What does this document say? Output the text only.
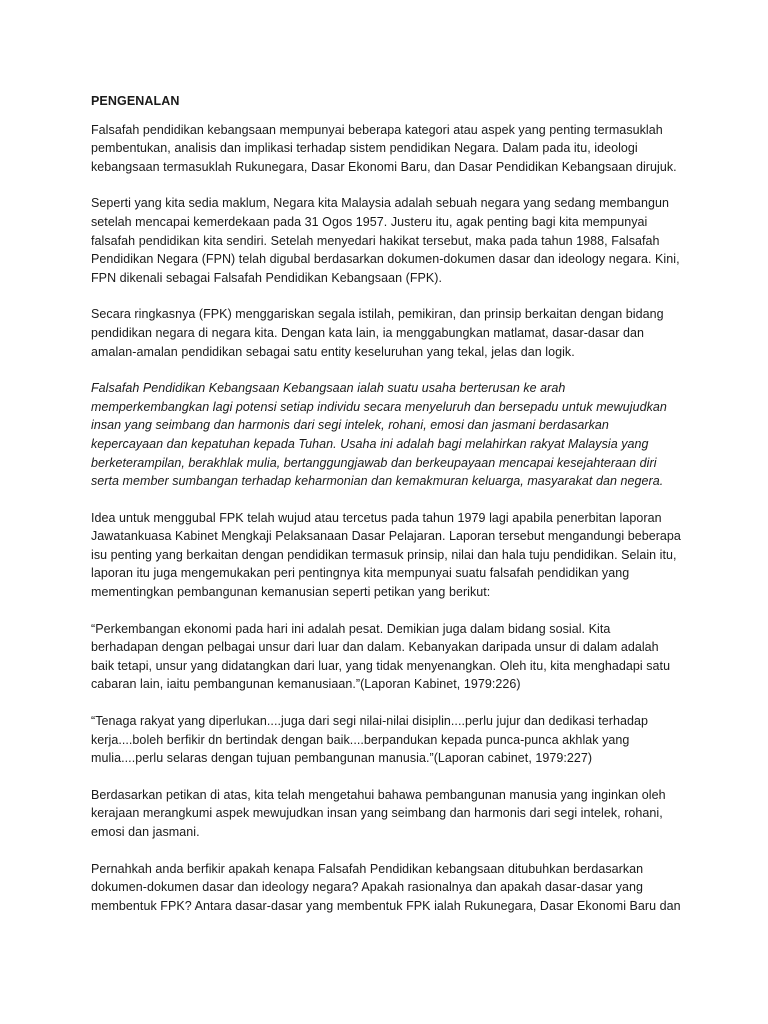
PENGENALAN
Falsafah pendidikan kebangsaan mempunyai beberapa kategori atau aspek yang penting termasuklah
pembentukan, analisis dan implikasi terhadap sistem pendidikan Negara. Dalam pada itu, ideologi
kebangsaan termasuklah Rukunegara, Dasar Ekonomi Baru, dan Dasar Pendidikan Kebangsaan dirujuk.
Seperti yang kita sedia maklum, Negara kita Malaysia adalah sebuah negara yang sedang membangun
setelah mencapai kemerdekaan pada 31 Ogos 1957. Justeru itu, agak penting bagi kita mempunyai
falsafah pendidikan kita sendiri. Setelah menyedari hakikat tersebut, maka pada tahun 1988, Falsafah
Pendidikan Negara (FPN) telah digubal berdasarkan dokumen-dokumen dasar dan ideology negara. Kini,
FPN dikenali sebagai Falsafah Pendidikan Kebangsaan (FPK).
Secara ringkasnya (FPK) menggariskan segala istilah, pemikiran, dan prinsip berkaitan dengan bidang
pendidikan negara di negara kita. Dengan kata lain, ia menggabungkan matlamat, dasar-dasar dan
amalan-amalan pendidikan sebagai satu entity keseluruhan yang tekal, jelas dan logik.
Falsafah Pendidikan Kebangsaan Kebangsaan ialah suatu usaha berterusan ke arah
memperkembangkan lagi potensi setiap individu secara menyeluruh dan bersepadu untuk mewujudkan
insan yang seimbang dan harmonis dari segi intelek, rohani, emosi dan jasmani berdasarkan
kepercayaan dan kepatuhan kepada Tuhan. Usaha ini adalah bagi melahirkan rakyat Malaysia yang
berketerampilan, berakhlak mulia, bertanggungjawab dan berkeupayaan mencapai kesejahteraan diri
serta member sumbangan terhadap keharmonian dan kemakmuran keluarga, masyarakat dan negera.
Idea untuk menggubal FPK telah wujud atau tercetus pada tahun 1979 lagi apabila penerbitan laporan
Jawatankuasa Kabinet Mengkaji Pelaksanaan Dasar Pelajaran. Laporan tersebut mengandungi beberapa
isu penting yang berkaitan dengan pendidikan termasuk prinsip, nilai dan hala tuju pendidikan. Selain itu,
laporan itu juga mengemukakan peri pentingnya kita mempunyai suatu falsafah pendidikan yang
mementingkan pembangunan kemanusian seperti petikan yang berikut:
“Perkembangan ekonomi pada hari ini adalah pesat. Demikian juga dalam bidang sosial. Kita
berhadapan dengan pelbagai unsur dari luar dan dalam. Kebanyakan daripada unsur di dalam adalah
baik tetapi, unsur yang didatangkan dari luar, yang tidak menyenangkan. Oleh itu, kita menghadapi satu
cabaran lain, iaitu pembangunan kemanusiaan.”(Laporan Kabinet, 1979:226)
“Tenaga rakyat yang diperlukan....juga dari segi nilai-nilai disiplin....perlu jujur dan dedikasi terhadap
kerja....boleh berfikir dn bertindak dengan baik....berpandukan kepada punca-punca akhlak yang
mulia....perlu selaras dengan tujuan pembangunan manusia.”(Laporan cabinet, 1979:227)
Berdasarkan petikan di atas, kita telah mengetahui bahawa pembangunan manusia yang inginkan oleh
kerajaan merangkumi aspek mewujudkan insan yang seimbang dan harmonis dari segi intelek, rohani,
emosi dan jasmani.
Pernahkah anda berfikir apakah kenapa Falsafah Pendidikan kebangsaan ditubuhkan berdasarkan
dokumen-dokumen dasar dan ideology negara? Apakah rasionalnya dan apakah dasar-dasar yang
membentuk FPK? Antara dasar-dasar yang membentuk FPK ialah Rukunegara, Dasar Ekonomi Baru dan
